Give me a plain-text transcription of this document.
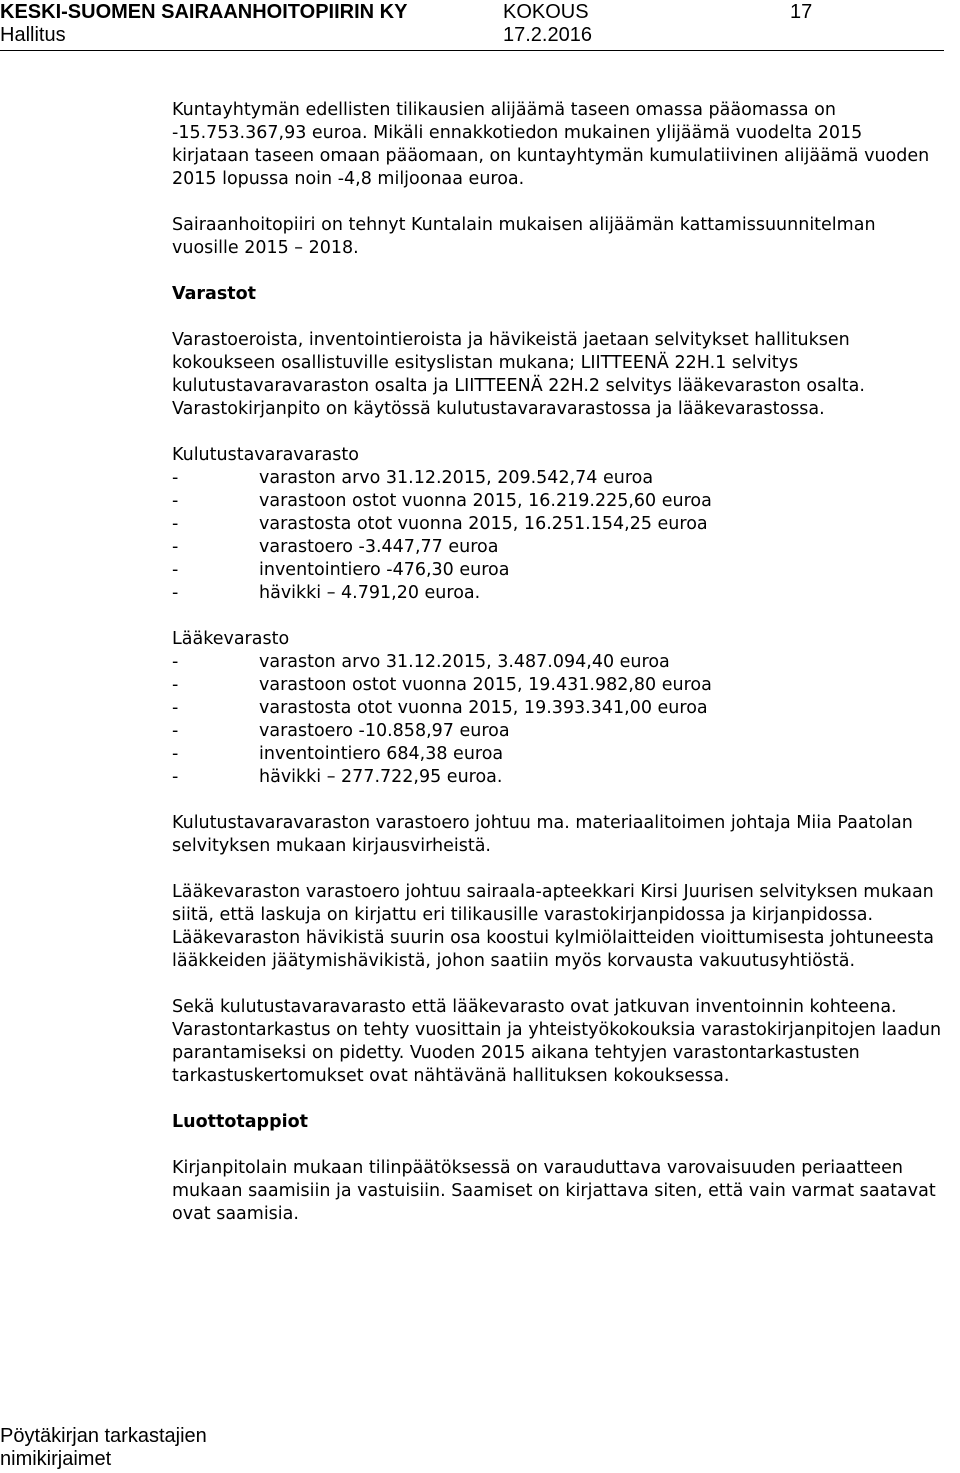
KESKI-SUOMEN SAIRAANHOITOPIIRIN KY	KOKOUS	17
Hallitus	17.2.2016

Kuntayhtymän edellisten tilikausien alijäämä taseen omassa pääomassa on -15.753.367,93 euroa. Mikäli ennakkotiedon mukainen ylijäämä vuodelta 2015 kirjataan taseen omaan pääomaan, on kuntayhtymän kumulatiivinen alijäämä vuoden 2015 lopussa noin -4,8 miljoonaa euroa.

Sairaanhoitopiiri on tehnyt Kuntalain mukaisen alijäämän kattamissuunnitelman vuosille 2015 – 2018.

Varastot

Varastoeroista, inventointieroista ja hävikeistä jaetaan selvitykset hallituksen kokoukseen osallistuville esityslistan mukana; LIITTEENÄ 22H.1 selvitys kulutustavaravaraston osalta ja LIITTEENÄ 22H.2 selvitys lääkevaraston osalta. Varastokirjanpito on käytössä kulutustavaravarastossa ja lääkevarastossa.

Kulutustavaravarasto
-	varaston arvo 31.12.2015, 209.542,74 euroa
-	varastoon ostot vuonna 2015, 16.219.225,60 euroa
-	varastosta otot vuonna 2015, 16.251.154,25 euroa
-	varastoero -3.447,77 euroa
-	inventointiero -476,30 euroa
-	hävikki – 4.791,20 euroa.
Lääkevarasto
-	varaston arvo 31.12.2015, 3.487.094,40 euroa
-	varastoon ostot vuonna 2015, 19.431.982,80 euroa
-	varastosta otot vuonna 2015, 19.393.341,00 euroa
-	varastoero -10.858,97 euroa
-	inventointiero 684,38 euroa
-	hävikki – 277.722,95 euroa.

Kulutustavaravaraston varastoero johtuu ma. materiaalitoimen johtaja Miia Paatolan selvityksen mukaan kirjausvirheistä.

Lääkevaraston varastoero johtuu sairaala-apteekkari Kirsi Juurisen selvityksen mukaan siitä, että laskuja on kirjattu eri tilikausille varastokirjanpidossa ja kirjanpidossa. Lääkevaraston hävikistä suurin osa koostui kylmiölaitteiden vioittumisesta johtuneesta lääkkeiden jäätymishävikistä, johon saatiin myös korvausta vakuutusyhtiöstä.

Sekä kulutustavaravarasto että lääkevarasto ovat jatkuvan inventoinnin kohteena. Varastontarkastus on tehty vuosittain ja yhteistyökokouksia varastokirjanpitojen laadun parantamiseksi on pidetty. Vuoden 2015 aikana tehtyjen varastontarkastusten tarkastuskertomukset ovat nähtävänä hallituksen kokouksessa.

Luottotappiot

Kirjanpitolain mukaan tilinpäätöksessä on varauduttava varovaisuuden periaatteen mukaan saamisiin ja vastuisiin. Saamiset on kirjattava siten, että vain varmat saatavat ovat saamisia.

Pöytäkirjan tarkastajien
nimikirjaimet
